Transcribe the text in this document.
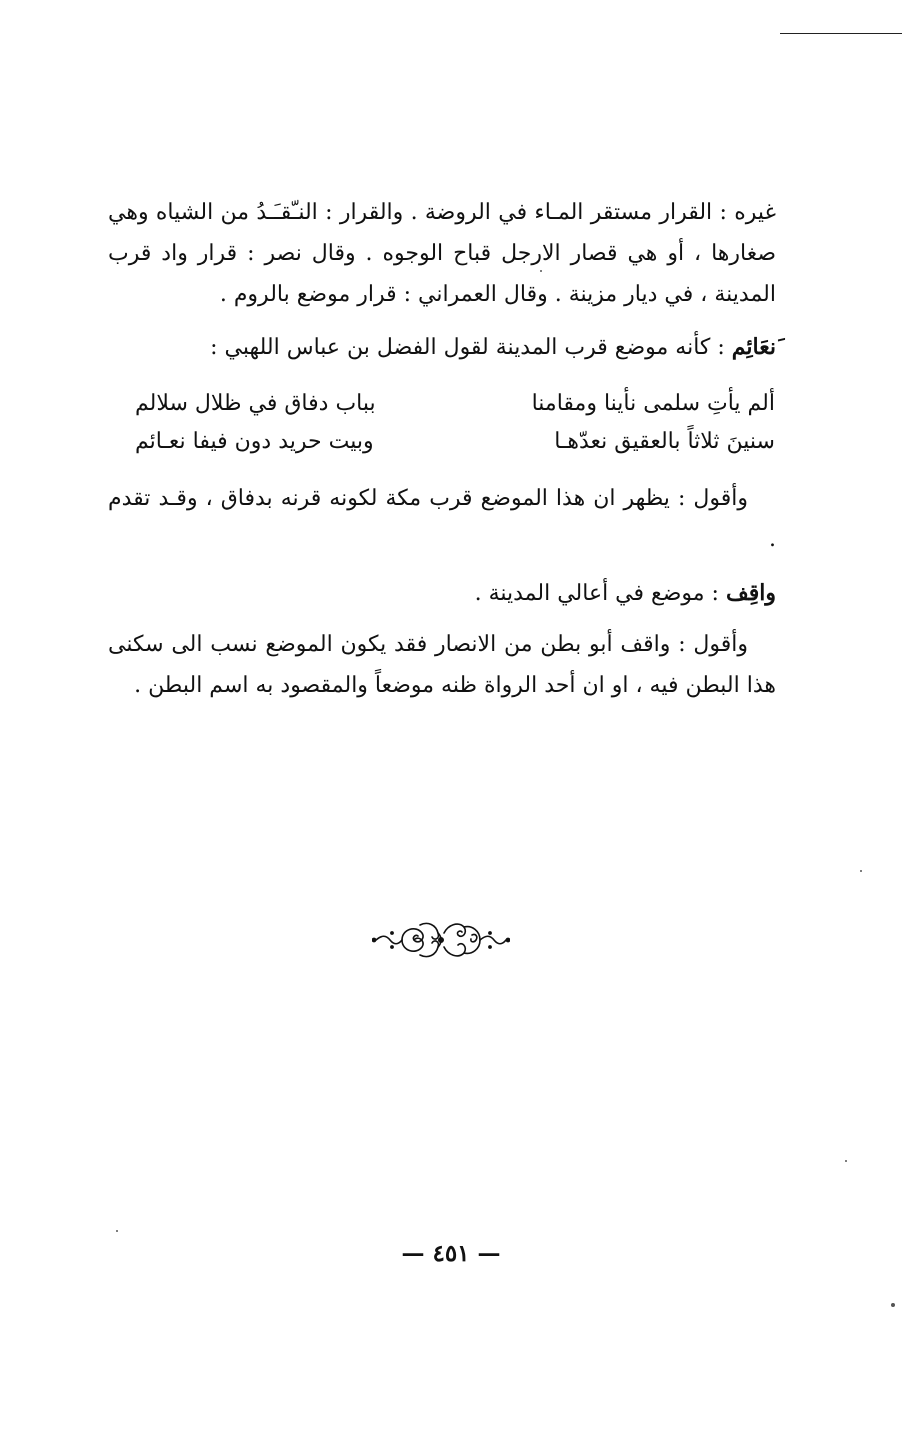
غيره : القرار مستقر المـاء في الروضة . والقرار : النـّقـَـدُ من الشياه وهي صغارها ، أو هي قصار الارجل قباح الوجوه . وقال نصر : قرار واد قرب المدينة ، في ديار مزينة . وقال العمراني : قرار موضع بالروم .

َنعَائِم : كأنه موضع قرب المدينة لقول الفضل بن عباس اللهبي :

ألم يأتِ سلمى نأينا ومقامنا
بباب دفاق في ظلال سلالم
سنينَ ثلاثاً بالعقيق نعدّهـا
وبيت حريد دون فيفا نعـائم

وأقول : يظهر ان هذا الموضع قرب مكة لكونه قرنه بدفاق ، وقـد تقدم .

واقِف : موضع في أعالي المدينة .

وأقول : واقف أبو بطن من الانصار فقد يكون الموضع نسب الى سكنى هذا البطن فيه ، او ان أحد الرواة ظنه موضعاً والمقصود به اسم البطن .

— ٤٥١ —
